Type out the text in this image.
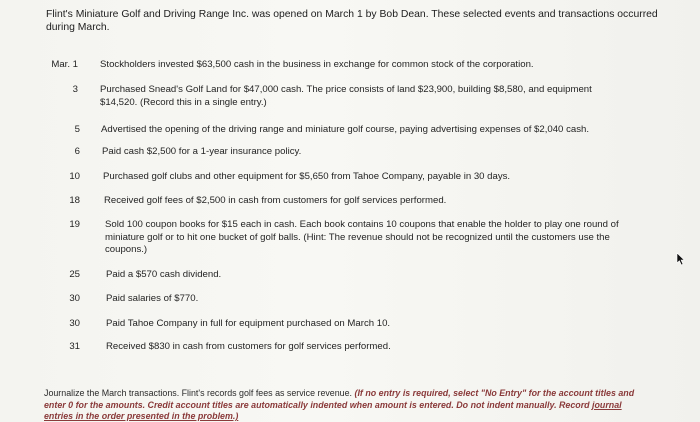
Flint's Miniature Golf and Driving Range Inc. was opened on March 1 by Bob Dean. These selected events and transactions occurred during March.
Mar. 1 Stockholders invested $63,500 cash in the business in exchange for common stock of the corporation.
3 Purchased Snead's Golf Land for $47,000 cash. The price consists of land $23,900, building $8,580, and equipment $14,520. (Record this in a single entry.)
5 Advertised the opening of the driving range and miniature golf course, paying advertising expenses of $2,040 cash.
6 Paid cash $2,500 for a 1-year insurance policy.
10 Purchased golf clubs and other equipment for $5,650 from Tahoe Company, payable in 30 days.
18	Received golf fees of $2,500 in cash from customers for golf services performed.
19	Sold 100 coupon books for $15 each in cash. Each book contains 10 coupons that enable the holder to play one round of miniature golf or to hit one bucket of golf balls. (Hint: The revenue should not be recognized until the customers use the coupons.)
25	Paid a $570 cash dividend.
30	Paid salaries of $770.
30	Paid Tahoe Company in full for equipment purchased on March 10.
31	Received $830 in cash from customers for golf services performed.
Journalize the March transactions. Flint's records golf fees as service revenue. (If no entry is required, select "No Entry" for the account titles and enter 0 for the amounts. Credit account titles are automatically indented when amount is entered. Do not indent manually. Record journal entries in the order presented in the problem.)
